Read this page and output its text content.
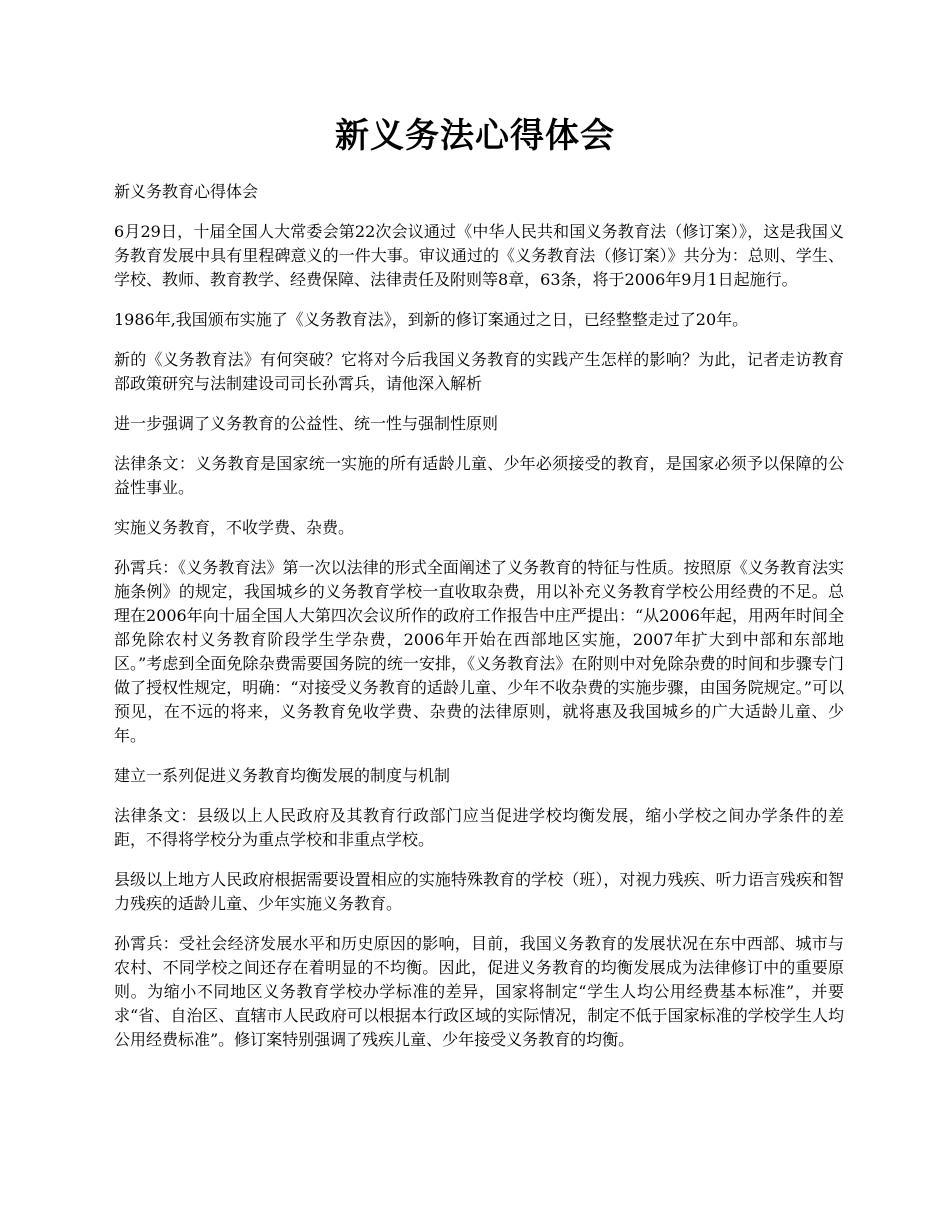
新义务法心得体会

新义务教育心得体会

6月29日，十届全国人大常委会第22次会议通过《中华人民共和国义务教育法（修订案）》，这是我国义务教育发展中具有里程碑意义的一件大事。审议通过的《义务教育法（修订案）》共分为：总则、学生、学校、教师、教育教学、经费保障、法律责任及附则等8章，63条，将于2006年9月1日起施行。

1986年,我国颁布实施了《义务教育法》，到新的修订案通过之日，已经整整走过了20年。

新的《义务教育法》有何突破？它将对今后我国义务教育的实践产生怎样的影响？为此，记者走访教育部政策研究与法制建设司司长孙霄兵，请他深入解析

进一步强调了义务教育的公益性、统一性与强制性原则

法律条文：义务教育是国家统一实施的所有适龄儿童、少年必须接受的教育，是国家必须予以保障的公益性事业。

实施义务教育，不收学费、杂费。

孙霄兵：《义务教育法》第一次以法律的形式全面阐述了义务教育的特征与性质。按照原《义务教育法实施条例》的规定，我国城乡的义务教育学校一直收取杂费，用以补充义务教育学校公用经费的不足。总理在2006年向十届全国人大第四次会议所作的政府工作报告中庄严提出：“从2006年起，用两年时间全部免除农村义务教育阶段学生学杂费，2006年开始在西部地区实施，2007年扩大到中部和东部地区。”考虑到全面免除杂费需要国务院的统一安排，《义务教育法》在附则中对免除杂费的时间和步骤专门做了授权性规定，明确：“对接受义务教育的适龄儿童、少年不收杂费的实施步骤，由国务院规定。”可以预见，在不远的将来，义务教育免收学费、杂费的法律原则，就将惠及我国城乡的广大适龄儿童、少年。

建立一系列促进义务教育均衡发展的制度与机制

法律条文：县级以上人民政府及其教育行政部门应当促进学校均衡发展，缩小学校之间办学条件的差距，不得将学校分为重点学校和非重点学校。

县级以上地方人民政府根据需要设置相应的实施特殊教育的学校（班），对视力残疾、听力语言残疾和智力残疾的适龄儿童、少年实施义务教育。

孙霄兵：受社会经济发展水平和历史原因的影响，目前，我国义务教育的发展状况在东中西部、城市与农村、不同学校之间还存在着明显的不均衡。因此，促进义务教育的均衡发展成为法律修订中的重要原则。为缩小不同地区义务教育学校办学标准的差异，国家将制定“学生人均公用经费基本标准”，并要求“省、自治区、直辖市人民政府可以根据本行政区域的实际情况，制定不低于国家标准的学校学生人均公用经费标准”。修订案特别强调了残疾儿童、少年接受义务教育的均衡。
